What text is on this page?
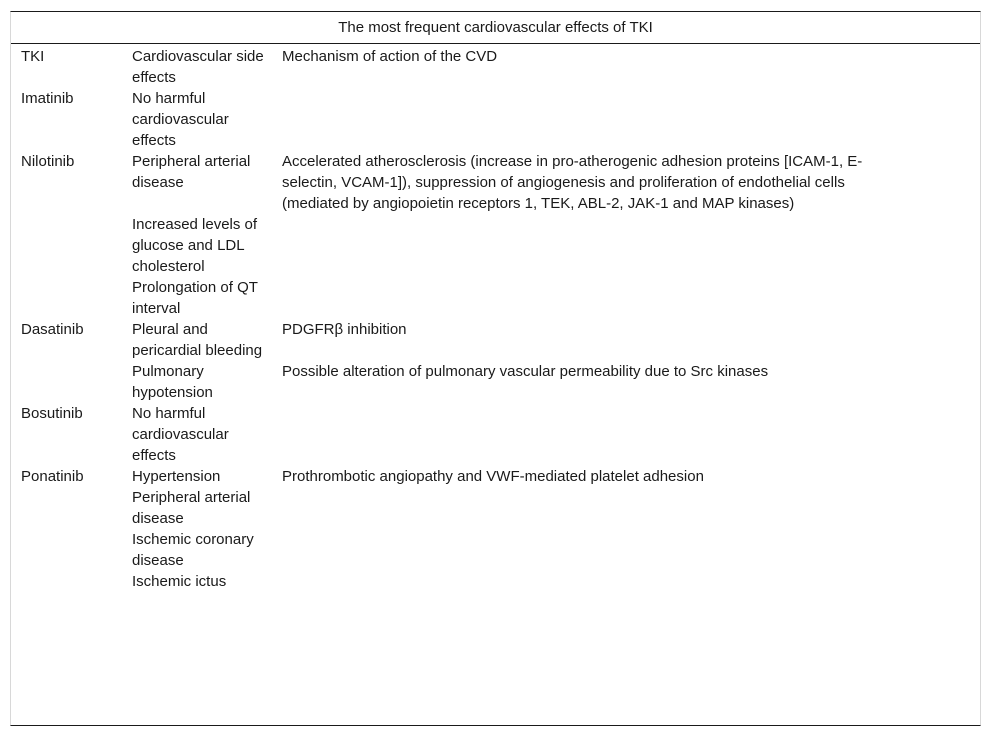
The most frequent cardiovascular effects of TKI		
TKI	Cardiovascular side effects	Mechanism of action of the CVD
Imatinib	No harmful cardiovascular effects	
Nilotinib	Peripheral arterial disease	Accelerated atherosclerosis (increase in pro-atherogenic adhesion proteins [ICAM-1, E-selectin, VCAM-1]), suppression of angiogenesis and proliferation of endothelial cells (mediated by angiopoietin receptors 1, TEK, ABL-2, JAK-1 and MAP kinases)
	Increased levels of glucose and LDL cholesterol	
	Prolongation of QT interval	
Dasatinib	Pleural and pericardial bleeding	PDGFRβ inhibition
	Pulmonary hypotension	Possible alteration of pulmonary vascular permeability due to Src kinases
Bosutinib	No harmful cardiovascular effects	
Ponatinib	Hypertension	Prothrombotic angiopathy and VWF-mediated platelet adhesion
	Peripheral arterial disease	
	Ischemic coronary disease	
	Ischemic ictus	
